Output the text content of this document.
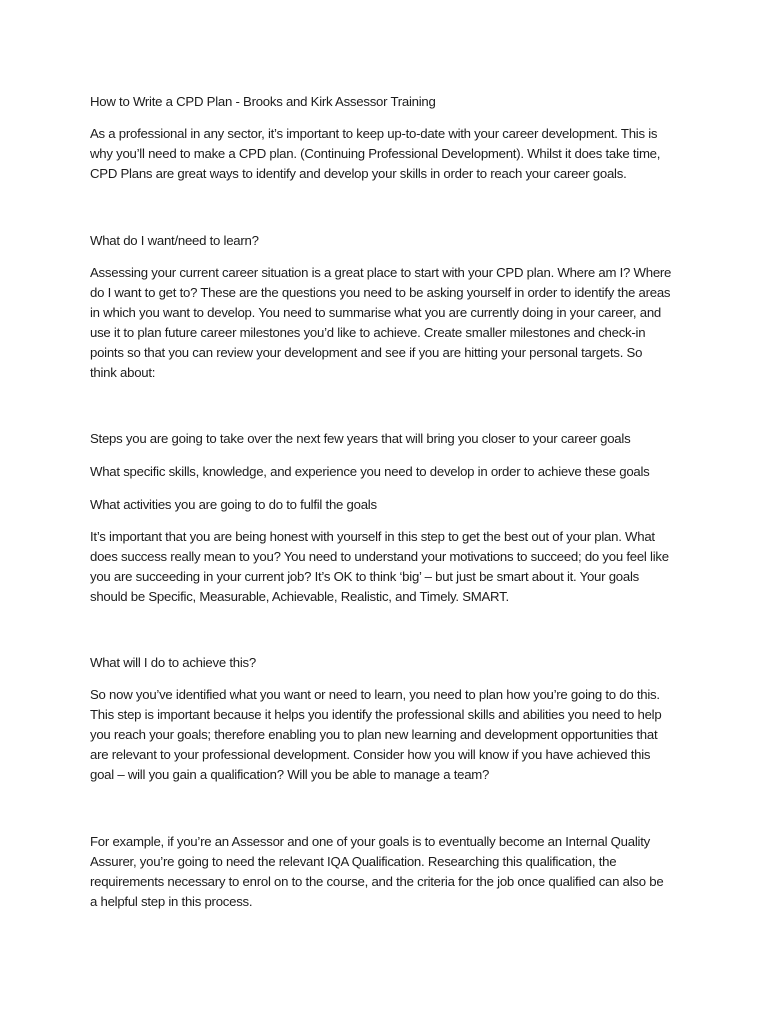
How to Write a CPD Plan - Brooks and Kirk Assessor Training

As a professional in any sector, it’s important to keep up-to-date with your career development. This is
why you’ll need to make a CPD plan. (Continuing Professional Development). Whilst it does take time,
CPD Plans are great ways to identify and develop your skills in order to reach your career goals.

What do I want/need to learn?

Assessing your current career situation is a great place to start with your CPD plan. Where am I? Where
do I want to get to? These are the questions you need to be asking yourself in order to identify the areas
in which you want to develop. You need to summarise what you are currently doing in your career, and
use it to plan future career milestones you’d like to achieve. Create smaller milestones and check-in
points so that you can review your development and see if you are hitting your personal targets. So
think about:

Steps you are going to take over the next few years that will bring you closer to your career goals

What specific skills, knowledge, and experience you need to develop in order to achieve these goals

What activities you are going to do to fulfil the goals

It’s important that you are being honest with yourself in this step to get the best out of your plan. What
does success really mean to you? You need to understand your motivations to succeed; do you feel like
you are succeeding in your current job? It’s OK to think ‘big’ – but just be smart about it. Your goals
should be Specific, Measurable, Achievable, Realistic, and Timely. SMART.

What will I do to achieve this?

So now you’ve identified what you want or need to learn, you need to plan how you’re going to do this.
This step is important because it helps you identify the professional skills and abilities you need to help
you reach your goals; therefore enabling you to plan new learning and development opportunities that
are relevant to your professional development. Consider how you will know if you have achieved this
goal – will you gain a qualification? Will you be able to manage a team?

For example, if you’re an Assessor and one of your goals is to eventually become an Internal Quality
Assurer, you’re going to need the relevant IQA Qualification. Researching this qualification, the
requirements necessary to enrol on to the course, and the criteria for the job once qualified can also be
a helpful step in this process.
